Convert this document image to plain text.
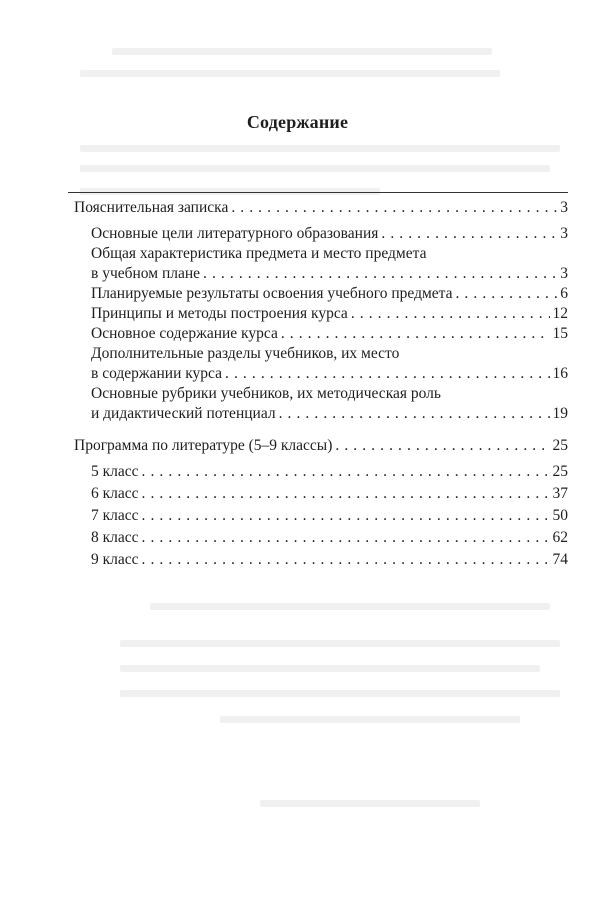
Содержание
Пояснительная записка . . .	3
Основные цели литературного образования . . .	3
Общая характеристика предмета и место предмета
в учебном плане . . .	3
Планируемые результаты освоения учебного предмета . . .	6
Принципы и методы построения курса . . .	12
Основное содержание курса . . .	15
Дополнительные разделы учебников, их место
в содержании курса . . .	16
Основные рубрики учебников, их методическая роль
и дидактический потенциал . . .	19
Программа по литературе (5–9 классы) . . .	25
5 класс . . .	25
6 класс . . .	37
7 класс . . .	50
8 класс . . .	62
9 класс . . .	74
